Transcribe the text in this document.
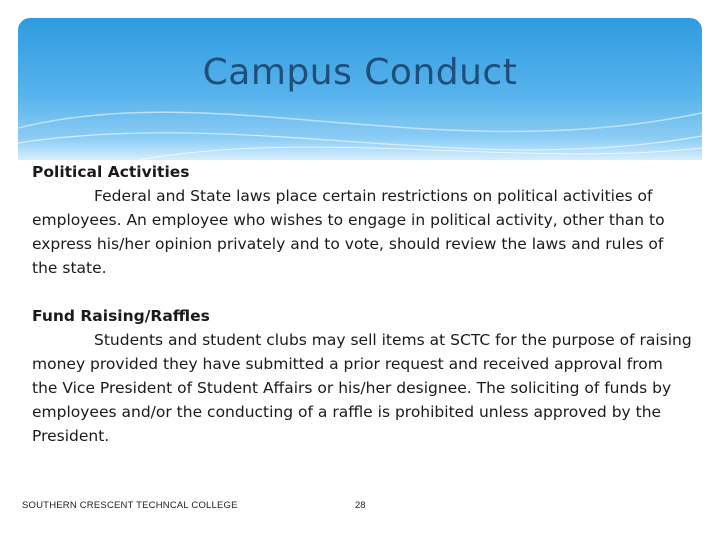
Campus Conduct

Political Activities

Federal and State laws place certain restrictions on political activities of employees. An employee who wishes to engage in political activity, other than to express his/her opinion privately and to vote, should review the laws and rules of the state.

Fund Raising/Raffles

Students and student clubs may sell items at SCTC for the purpose of raising money provided they have submitted a prior request and received approval from the Vice President of Student Affairs or his/her designee. The soliciting of funds by employees and/or the conducting of a raffle is prohibited unless approved by the President.

SOUTHERN CRESCENT TECHNCAL COLLEGE	28
